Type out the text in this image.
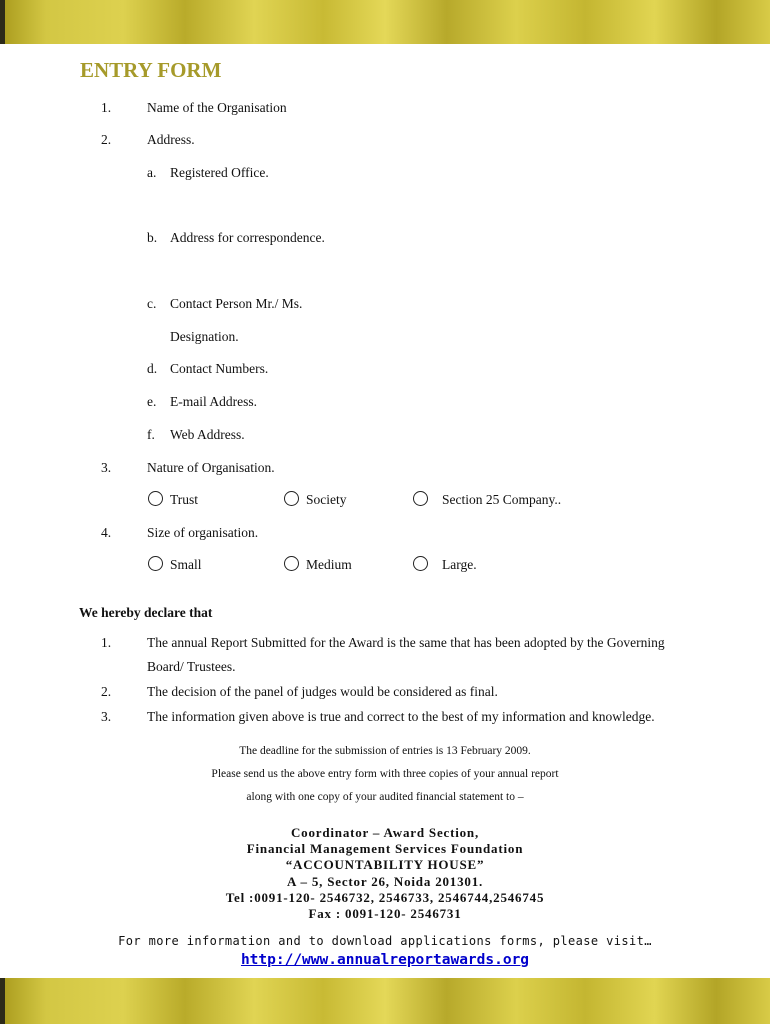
ENTRY FORM
1.	Name of the Organisation
2.	Address.
a. Registered Office.
b. Address for correspondence.
c. Contact Person Mr./ Ms.
Designation.
d. Contact Numbers.
e. E-mail Address.
f. Web Address.
3.	Nature of Organisation.
Trust	Society	Section 25 Company..
4.	Size of organisation.
Small	Medium	Large.
We hereby declare that
1.	The annual Report Submitted for the Award is the same that has been adopted by the Governing
Board/ Trustees.
2.	The decision of the panel of judges would be considered as final.
3.	The information given above is true and correct to the best of my information and knowledge.
The deadline for the submission of entries is 13 February 2009.
Please send us the above entry form with three copies of your annual report
along with one copy of your audited financial statement to –
Coordinator – Award Section,
Financial Management Services Foundation
“ACCOUNTABILITY HOUSE”
A – 5, Sector 26, Noida 201301.
Tel :0091-120- 2546732, 2546733, 2546744,2546745
Fax : 0091-120- 2546731
For more information and to download applications forms, please visit…
http://www.annualreportawards.org
